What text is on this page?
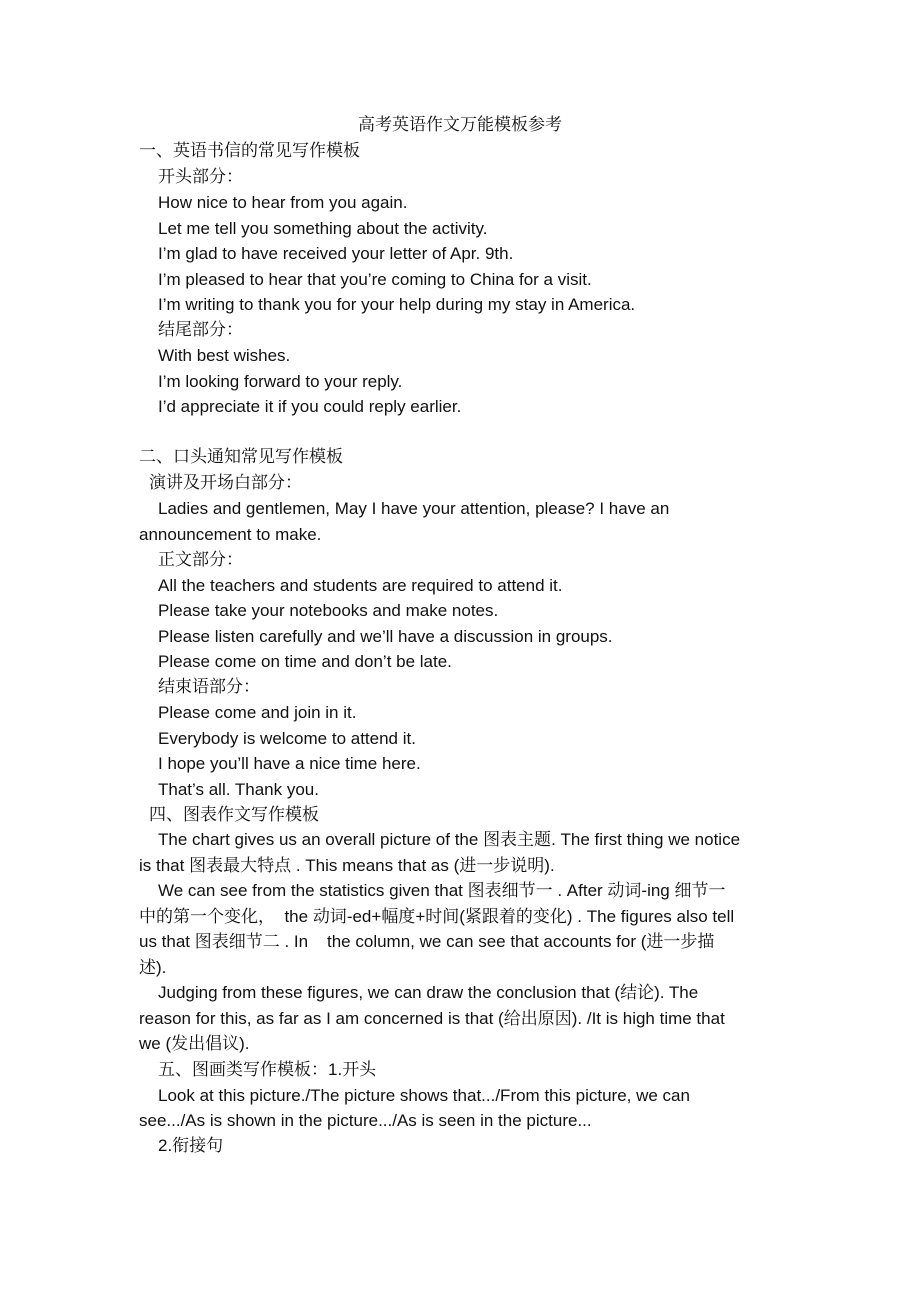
高考英语作文万能模板参考
一、英语书信的常见写作模板
开头部分：
How nice to hear from you again.
Let me tell you something about the activity.
I’m glad to have received your letter of Apr. 9th.
I’m pleased to hear that you’re coming to China for a visit.
I’m writing to thank you for your help during my stay in America.
结尾部分：
With best wishes.
I’m looking forward to your reply.
I’d appreciate it if you could reply earlier.
二、口头通知常见写作模板
演讲及开场白部分：
Ladies and gentlemen, May I have your attention, please? I have an
announcement to make.
正文部分：
All the teachers and students are required to attend it.
Please take your notebooks and make notes.
Please listen carefully and we’ll have a discussion in groups.
Please come on time and don’t be late.
结束语部分：
Please come and join in it.
Everybody is welcome to attend it.
I hope you’ll have a nice time here.
That’s all. Thank you.
四、图表作文写作模板
The chart gives us an overall picture of the 图表主题. The first thing we notice
is that 图表最大特点 . This means that as (进一步说明).
We can see from the statistics given that 图表细节一 . After 动词-ing 细节一
中的第一个变化，  the 动词-ed+幅度+时间(紧跟着的变化) . The figures also tell
us that 图表细节二 . In    the column, we can see that accounts for (进一步描
述).
Judging from these figures, we can draw the conclusion that (结论). The
reason for this, as far as I am concerned is that (给出原因). /It is high time that
we (发出倡议).
五、图画类写作模板：1.开头
Look at this picture./The picture shows that.../From this picture, we can
see.../As is shown in the picture.../As is seen in the picture...
2.衔接句
